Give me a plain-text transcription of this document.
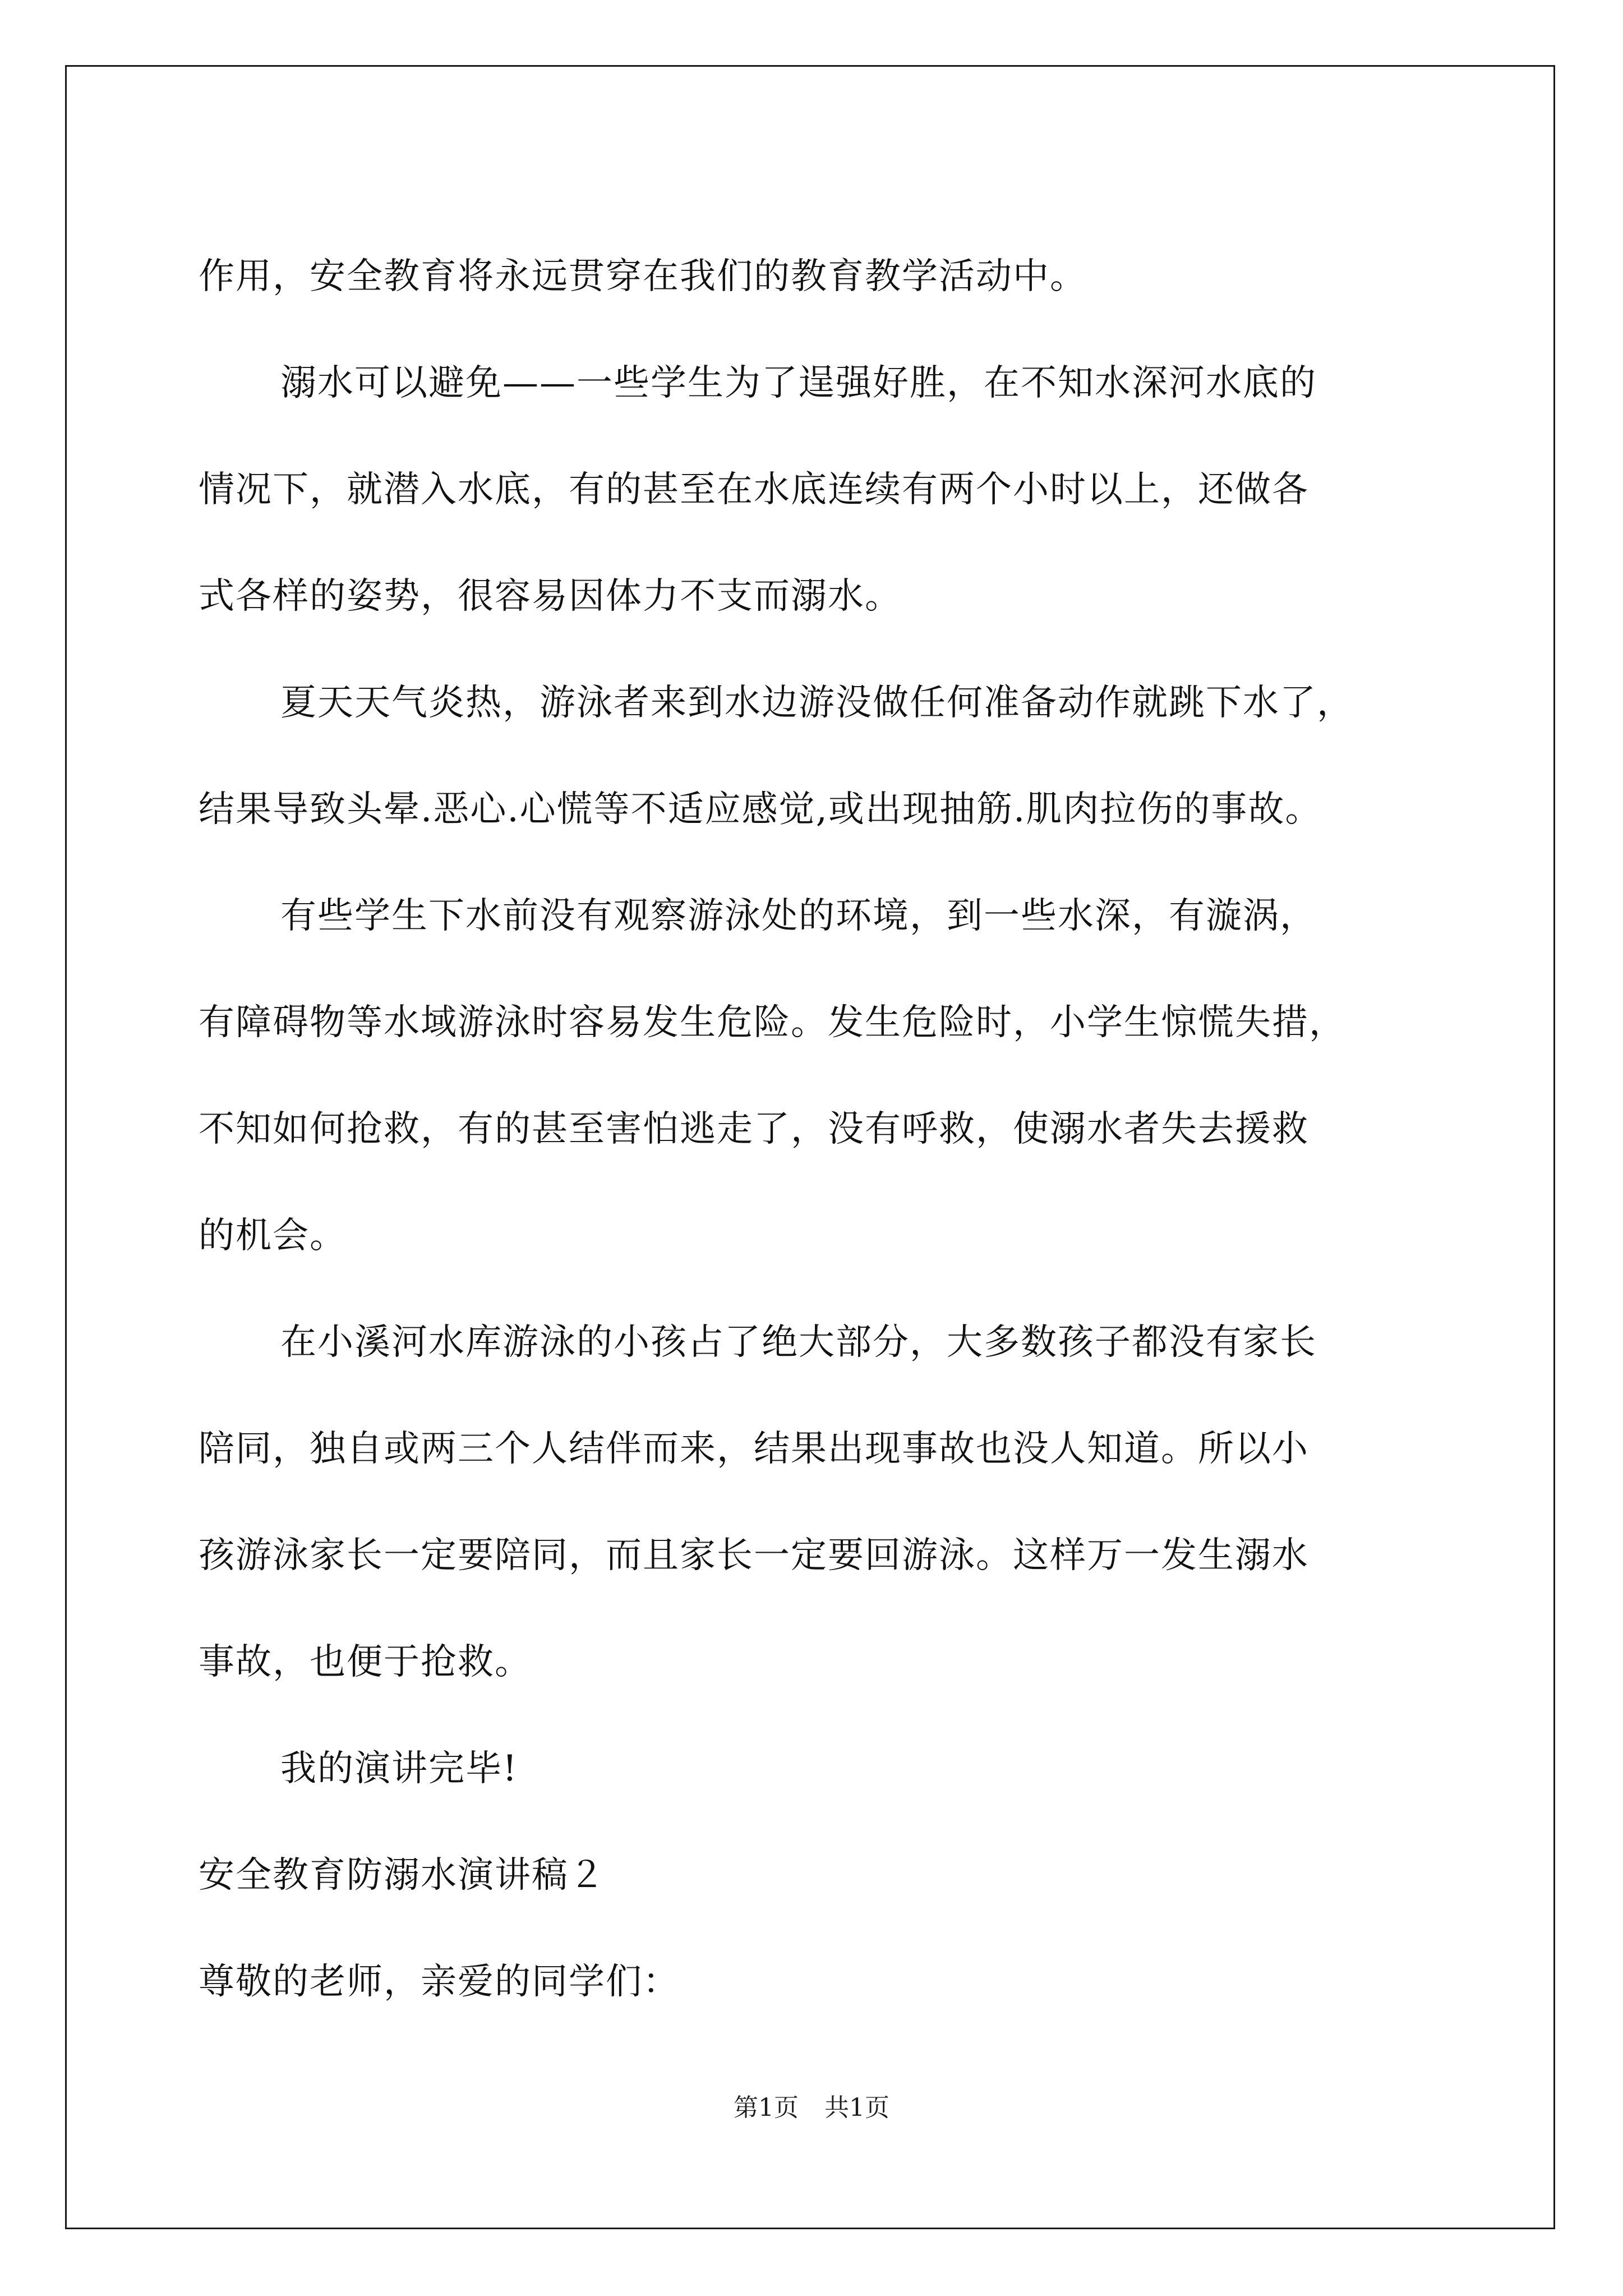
作用，安全教育将永远贯穿在我们的教育教学活动中。
溺水可以避免——一些学生为了逞强好胜，在不知水深河水底的
情况下，就潜入水底，有的甚至在水底连续有两个小时以上，还做各
式各样的姿势，很容易因体力不支而溺水。
夏天天气炎热，游泳者来到水边游没做任何准备动作就跳下水了，
结果导致头晕.恶心.心慌等不适应感觉,或出现抽筋.肌肉拉伤的事故。
有些学生下水前没有观察游泳处的环境，到一些水深，有漩涡，
有障碍物等水域游泳时容易发生危险。发生危险时，小学生惊慌失措，
不知如何抢救，有的甚至害怕逃走了，没有呼救，使溺水者失去援救
的机会。
在小溪河水库游泳的小孩占了绝大部分，大多数孩子都没有家长
陪同，独自或两三个人结伴而来，结果出现事故也没人知道。所以小
孩游泳家长一定要陪同，而且家长一定要回游泳。这样万一发生溺水
事故，也便于抢救。
我的演讲完毕!
安全教育防溺水演讲稿２
尊敬的老师，亲爱的同学们：
第1页 共1页
